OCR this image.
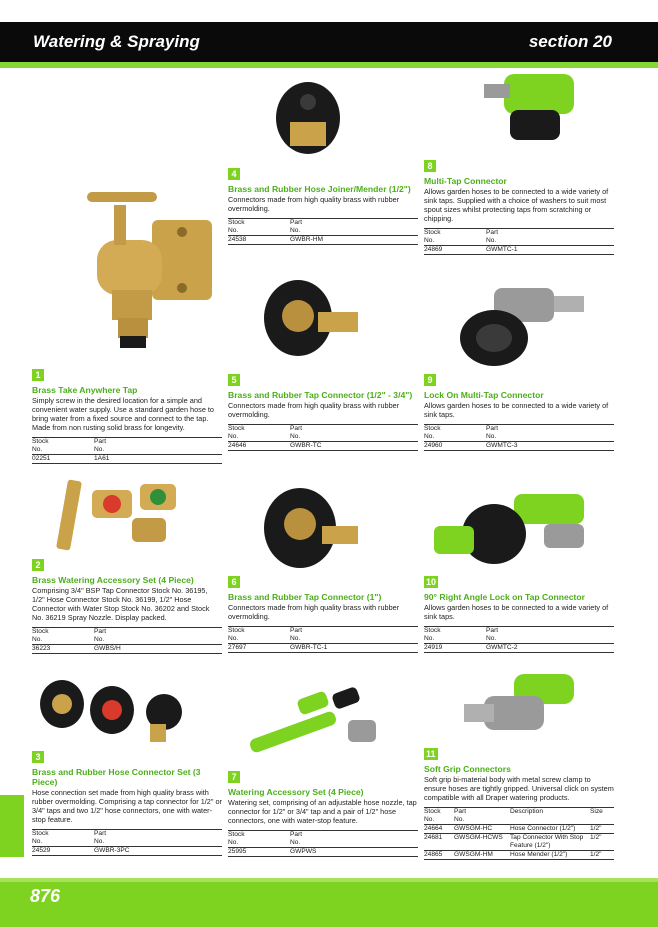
Watering & Spraying	section 20
1
Brass Take Anywhere Tap
Simply screw in the desired location for a simple and convenient water supply. Use a standard garden hose to bring water from a fixed source and connect to the tap. Made from non rusting solid brass for longevity.
Stock
No.	Part
No.
02251	1A61
2
Brass Watering Accessory Set (4 Piece)
Comprising 3/4" BSP Tap Connector Stock No. 36195, 1/2" Hose Connector Stock No. 36199, 1/2" Hose Connector with Water Stop Stock No. 36202 and Stock No. 36219 Spray Nozzle. Display packed.
Stock
No.	Part
No.
36223	GWBS/H
3
Brass and Rubber Hose Connector Set (3 Piece)
Hose connection set made from high quality brass with rubber overmolding. Comprising a tap connector for 1/2" or 3/4" taps and two 1/2" hose connectors, one with water-stop feature.
Stock
No.	Part
No.
24529	GWBR-3PC
4
Brass and Rubber Hose Joiner/Mender (1/2")
Connectors made from high quality brass with rubber overmolding.
Stock
No.	Part
No.
24538	GWBR-HM
5
Brass and Rubber Tap Connector (1/2" - 3/4")
Connectors made from high quality brass with rubber overmolding.
Stock
No.	Part
No.
24646	GWBR-TC
6
Brass and Rubber Tap Connector (1")
Connectors made from high quality brass with rubber overmolding.
Stock
No.	Part
No.
27697	GWBR-TC-1
7
Watering Accessory Set (4 Piece)
Watering set, comprising of an adjustable hose nozzle, tap connector for 1/2" or 3/4" tap and a pair of 1/2" hose connectors, one with water-stop feature.
Stock
No.	Part
No.
25995	GWPWS
8
Multi-Tap Connector
Allows garden hoses to be connected to a wide variety of sink taps. Supplied with a choice of washers to suit most spout sizes whilst protecting taps from scratching or chipping.
Stock
No.	Part
No.
24869	GWMTC-1
9
Lock On Multi-Tap Connector
Allows garden hoses to be connected to a wide variety of sink taps.
Stock
No.	Part
No.
24960	GWMTC-3
10
90° Right Angle Lock on Tap Connector
Allows garden hoses to be connected to a wide variety of sink taps.
Stock
No.	Part
No.
24919	GWMTC-2
11
Soft Grip Connectors
Soft grip bi-material body with metal screw clamp to ensure hoses are tightly gripped. Universal click on system compatible with all Draper watering products.
Stock
No.	Part
No.	Description	Size
24664	GWSGM-HC	Hose Connector (1/2")	1/2"
24681	GWSGM-HCWS	Tap Connector With Stop Feature (1/2")	1/2"
24865	GWSGM-HM	Hose Mender (1/2")	1/2"
876
